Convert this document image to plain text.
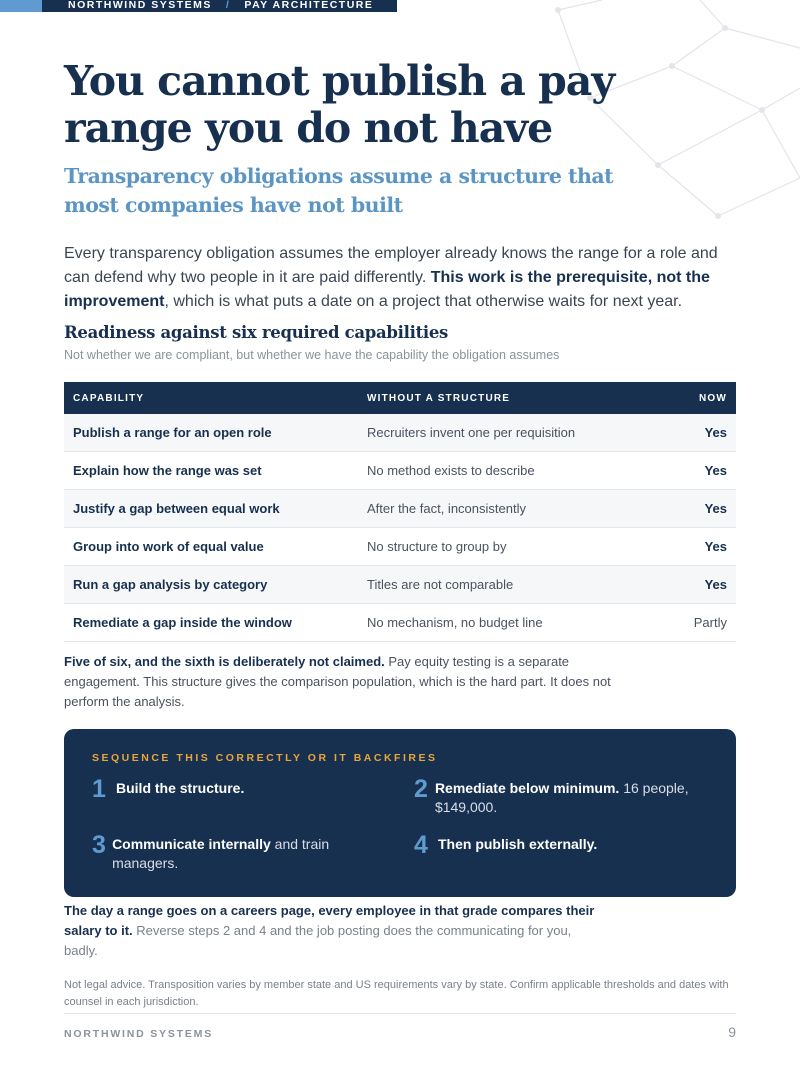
NORTHWIND SYSTEMS / PAY ARCHITECTURE
You cannot publish a pay range you do not have
Transparency obligations assume a structure that most companies have not built

Every transparency obligation assumes the employer already knows the range for a role and can defend why two people in it are paid differently. This work is the prerequisite, not the improvement, which is what puts a date on a project that otherwise waits for next year.

Readiness against six required capabilities

Not whether we are compliant, but whether we have the capability the obligation assumes

CAPABILITY	WITHOUT A STRUCTURE	NOW
Publish a range for an open role	Recruiters invent one per requisition	Yes
Explain how the range was set	No method exists to describe	Yes
Justify a gap between equal work	After the fact, inconsistently	Yes
Group into work of equal value	No structure to group by	Yes
Run a gap analysis by category	Titles are not comparable	Yes
Remediate a gap inside the window	No mechanism, no budget line	Partly

Five of six, and the sixth is deliberately not claimed. Pay equity testing is a separate engagement. This structure gives the comparison population, which is the hard part. It does not perform the analysis.

SEQUENCE THIS CORRECTLY OR IT BACKFIRES
1 Build the structure.	2 Remediate below minimum. 16 people, $149,000.
3 Communicate internally and train managers.
4 Then publish externally.

The day a range goes on a careers page, every employee in that grade compares their salary to it. Reverse steps 2 and 4 and the job posting does the communicating for you, badly.

Not legal advice. Transposition varies by member state and US requirements vary by state. Confirm applicable thresholds and dates with counsel in each jurisdiction.

NORTHWIND SYSTEMS	9
